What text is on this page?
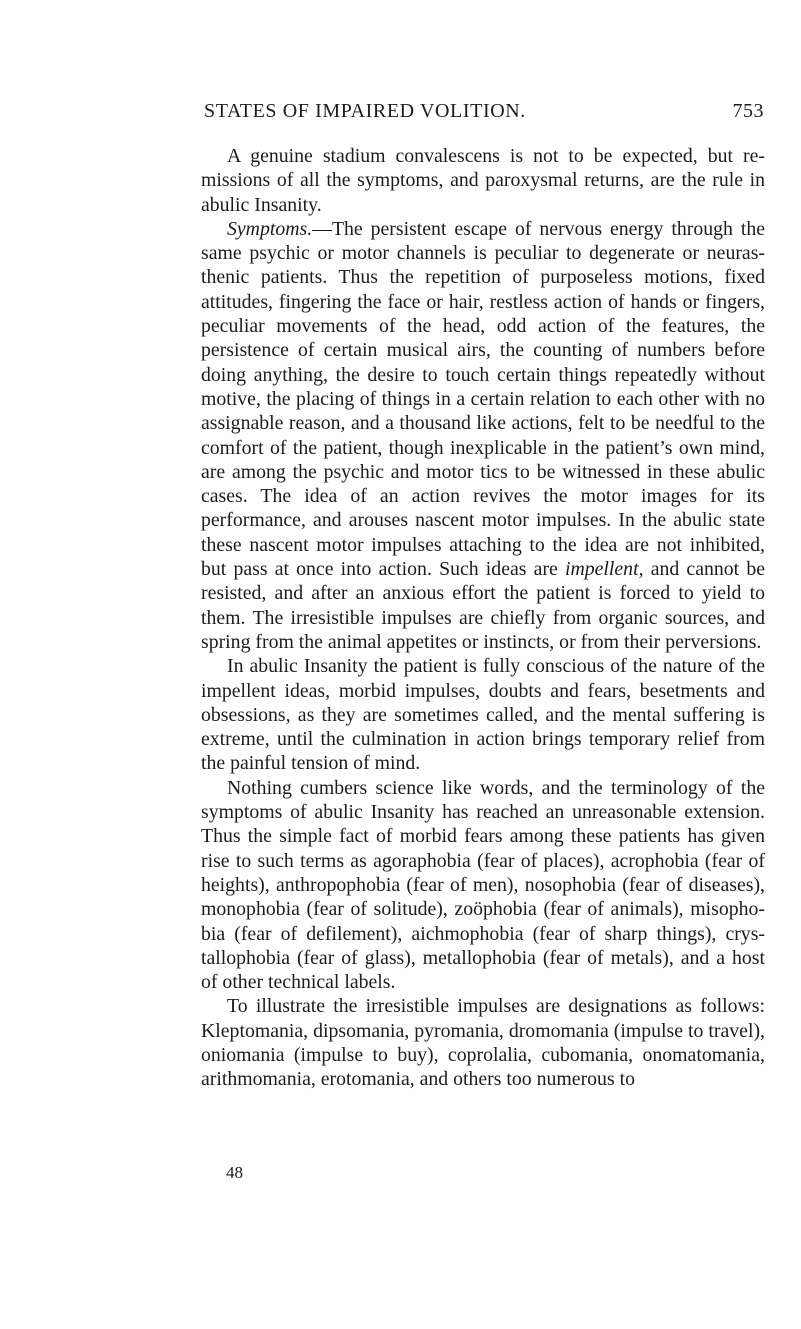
STATES OF IMPAIRED VOLITION.	753

A genuine stadium convalescens is not to be expected, but remissions of all the symptoms, and paroxysmal returns, are the rule in abulic Insanity.

Symptoms.—The persistent escape of nervous energy through the same psychic or motor channels is peculiar to degenerate or neurasthenic patients. Thus the repetition of purposeless motions, fixed attitudes, fingering the face or hair, restless action of hands or fingers, peculiar movements of the head, odd action of the features, the persistence of certain musical airs, the counting of numbers before doing anything, the desire to touch certain things repeatedly without motive, the placing of things in a certain relation to each other with no assignable reason, and a thousand like actions, felt to be needful to the comfort of the patient, though inexplicable in the patient’s own mind, are among the psychic and motor tics to be witnessed in these abulic cases. The idea of an action revives the motor images for its performance, and arouses nascent motor impulses. In the abulic state these nascent motor impulses attaching to the idea are not inhibited, but pass at once into action. Such ideas are impellent, and cannot be resisted, and after an anxious effort the patient is forced to yield to them. The irresistible impulses are chiefly from organic sources, and spring from the animal appetites or instincts, or from their perversions.

In abulic Insanity the patient is fully conscious of the nature of the impellent ideas, morbid impulses, doubts and fears, besetments and obsessions, as they are sometimes called, and the mental suffering is extreme, until the culmination in action brings temporary relief from the painful tension of mind.

Nothing cumbers science like words, and the terminology of the symptoms of abulic Insanity has reached an unreasonable extension. Thus the simple fact of morbid fears among these patients has given rise to such terms as agoraphobia (fear of places), acrophobia (fear of heights), anthropophobia (fear of men), nosophobia (fear of diseases), monophobia (fear of solitude), zoöphobia (fear of animals), misophobia (fear of defilement), aichmophobia (fear of sharp things), crystallophobia (fear of glass), metallophobia (fear of metals), and a host of other technical labels.

To illustrate the irresistible impulses are designations as follows: Kleptomania, dipsomania, pyromania, dromomania (impulse to travel), oniomania (impulse to buy), coprolalia, cubomania, onomatomania, arithmomania, erotomania, and others too numerous to

48
